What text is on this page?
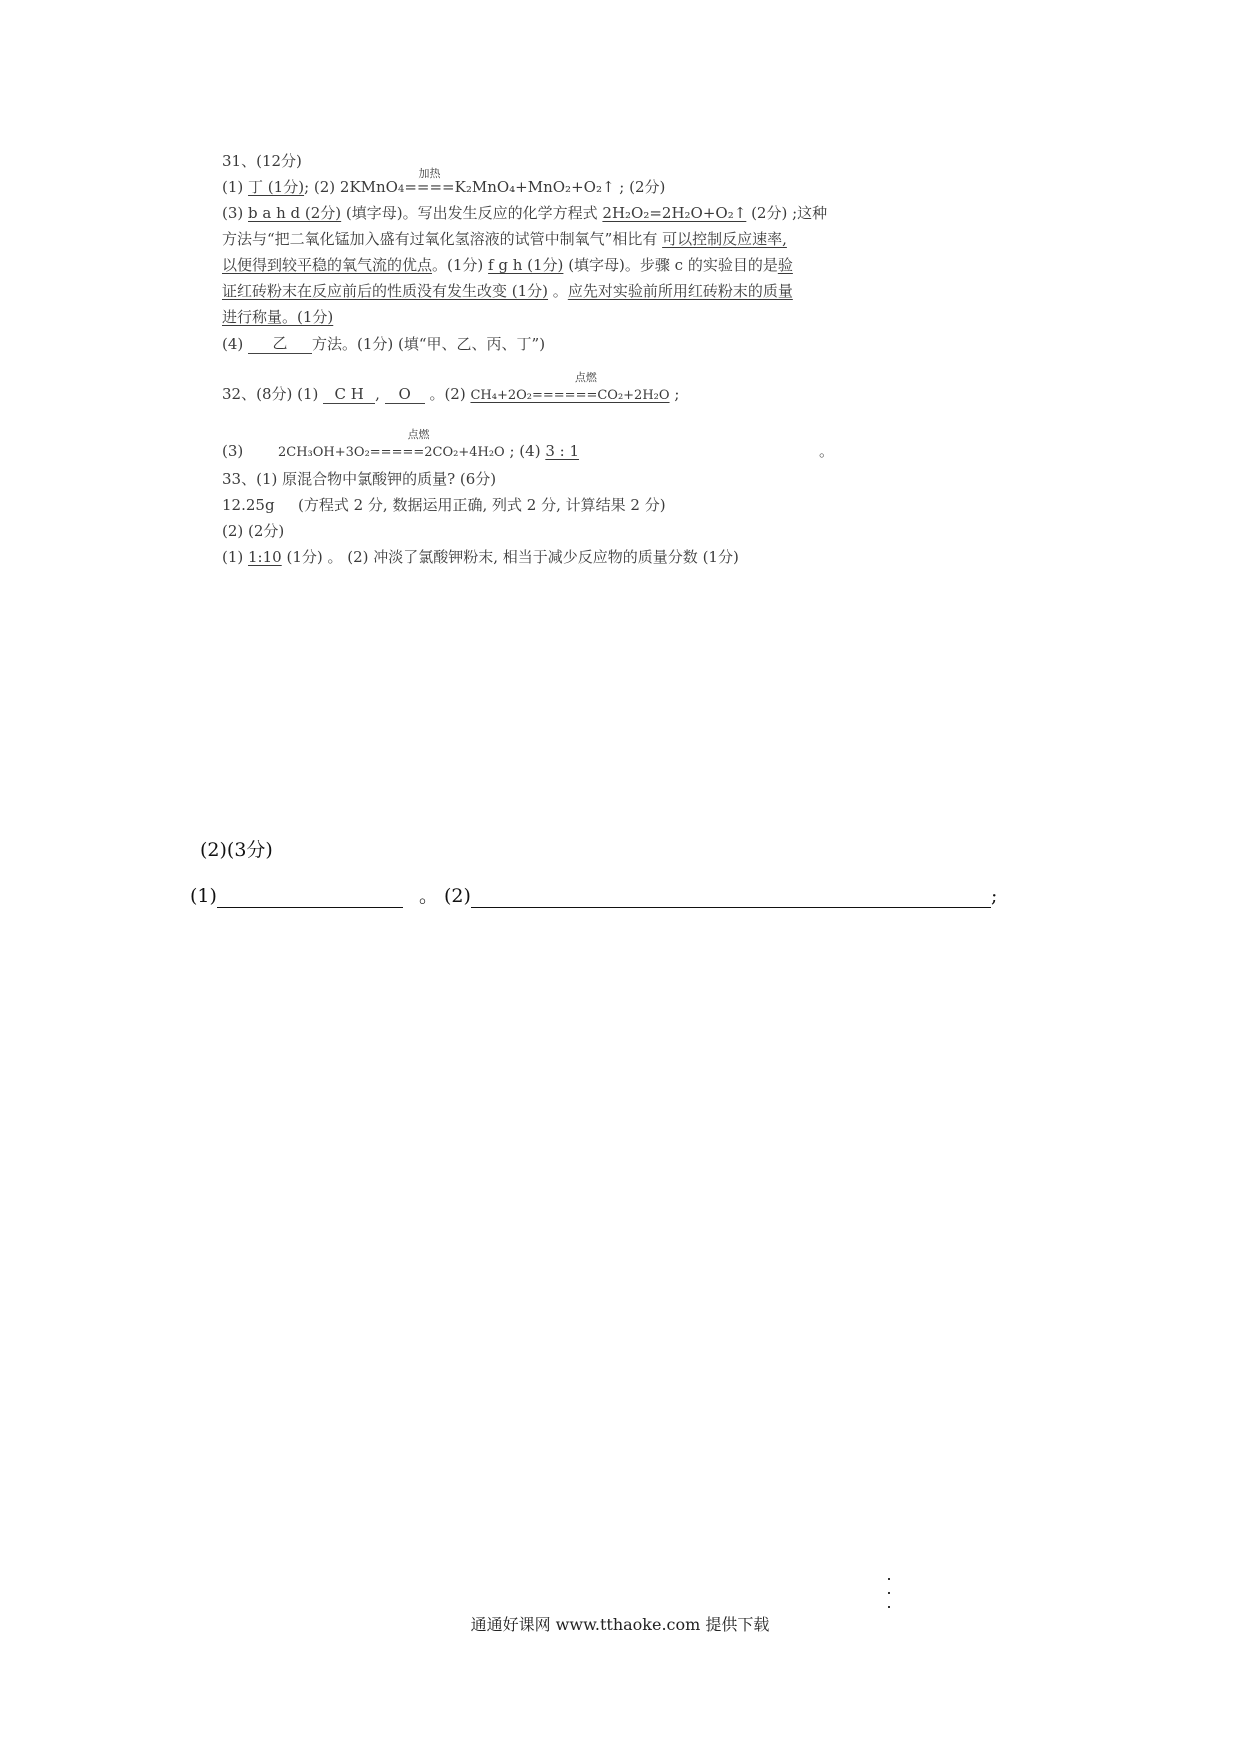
31、(12分)
(1) 丁 (1分); (2) 2KMnO4
加热
====K₂MnO₄+MnO₂+O₂↑ ; (2分)
(3) b a h d (2分) (填字母)。写出发生反应的化学方程式 2H₂O₂=2H₂O+O₂↑ (2分) ;这种
方法与“把二氧化锰加入盛有过氧化氢溶液的试管中制氧气”相比有 可以控制反应速率,
以便得到较平稳的氧气流的优点。(1分) f g h (1分) (填字母)。步骤 c 的实验目的是验
证红砖粉末在反应前后的性质没有发生改变 (1分) 。应先对实验前所用红砖粉末的质量
进行称量。(1分)
(4) 乙方法。(1分) (填“甲、乙、丙、丁”)
32、(8分) (1) C H, O 。(2)
点燃
CH₄+2O₂======CO₂+2H₂O ;
(3)
点燃
2CH₃OH+3O₂=====2CO₂+4H₂O ; (4) 3 : 1	。
33、(1) 原混合物中氯酸钾的质量? (6分)
12.25g (方程式 2 分, 数据运用正确, 列式 2 分, 计算结果 2 分)
(2) (2分)
(1) 1:10 (1分) 。 (2) 冲淡了氯酸钾粉末, 相当于减少反应物的质量分数 (1分)
(2)(3分)
(1)	。 (2)	;
通通好课网 www.tthaoke.com 提供下载
